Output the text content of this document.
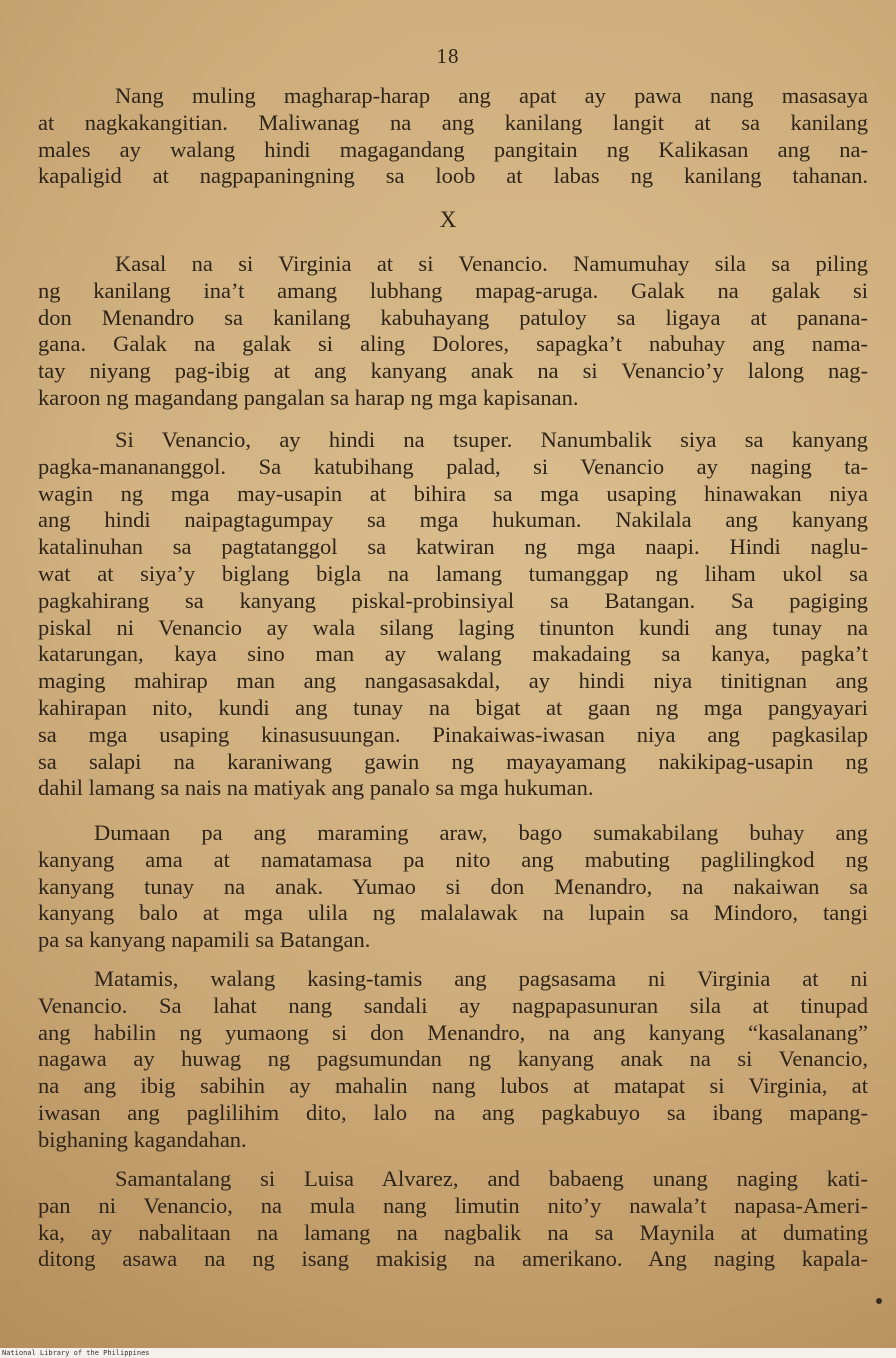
18
Nang muling magharap-harap ang apat ay pawa nang masasaya
at nagkakangitian. Maliwanag na ang kanilang langit at sa kanilang
males ay walang hindi magagandang pangitain ng Kalikasan ang na-
kapaligid at nagpapaningning sa loob at labas ng kanilang tahanan.
X
Kasal na si Virginia at si Venancio. Namumuhay sila sa piling
ng kanilang ina’t amang lubhang mapag-aruga. Galak na galak si
don Menandro sa kanilang kabuhayang patuloy sa ligaya at panana-
gana. Galak na galak si aling Dolores, sapagka’t nabuhay ang nama-
tay niyang pag-ibig at ang kanyang anak na si Venancio’y lalong nag-
karoon ng magandang pangalan sa harap ng mga kapisanan.
Si Venancio, ay hindi na tsuper. Nanumbalik siya sa kanyang
pagka-manananggol. Sa katubihang palad, si Venancio ay naging ta-
wagin ng mga may-usapin at bihira sa mga usaping hinawakan niya
ang hindi naipagtagumpay sa mga hukuman. Nakilala ang kanyang
katalinuhan sa pagtatanggol sa katwiran ng mga naapi. Hindi naglu-
wat at siya’y biglang bigla na lamang tumanggap ng liham ukol sa
pagkahirang sa kanyang piskal-probinsiyal sa Batangan. Sa pagiging
piskal ni Venancio ay wala silang laging tinunton kundi ang tunay na
katarungan, kaya sino man ay walang makadaing sa kanya, pagka’t
maging mahirap man ang nangasasakdal, ay hindi niya tinitignan ang
kahirapan nito, kundi ang tunay na bigat at gaan ng mga pangyayari
sa mga usaping kinasusuungan. Pinakaiwas-iwasan niya ang pagkasilap
sa salapi na karaniwang gawin ng mayayamang nakikipag-usapin ng
dahil lamang sa nais na matiyak ang panalo sa mga hukuman.
Dumaan pa ang maraming araw, bago sumakabilang buhay ang
kanyang ama at namatamasa pa nito ang mabuting paglilingkod ng
kanyang tunay na anak. Yumao si don Menandro, na nakaiwan sa
kanyang balo at mga ulila ng malalawak na lupain sa Mindoro, tangi
pa sa kanyang napamili sa Batangan.
Matamis, walang kasing-tamis ang pagsasama ni Virginia at ni
Venancio. Sa lahat nang sandali ay nagpapasunuran sila at tinupad
ang habilin ng yumaong si don Menandro, na ang kanyang “kasalanang”
nagawa ay huwag ng pagsumundan ng kanyang anak na si Venancio,
na ang ibig sabihin ay mahalin nang lubos at matapat si Virginia, at
iwasan ang paglilihim dito, lalo na ang pagkabuyo sa ibang mapang-
bighaning kagandahan.
Samantalang si Luisa Alvarez, and babaeng unang naging kati-
pan ni Venancio, na mula nang limutin nito’y nawala’t napasa-Ameri-
ka, ay nabalitaan na lamang na nagbalik na sa Maynila at dumating
ditong asawa na ng isang makisig na amerikano. Ang naging kapala-
National Library of the Philippines
